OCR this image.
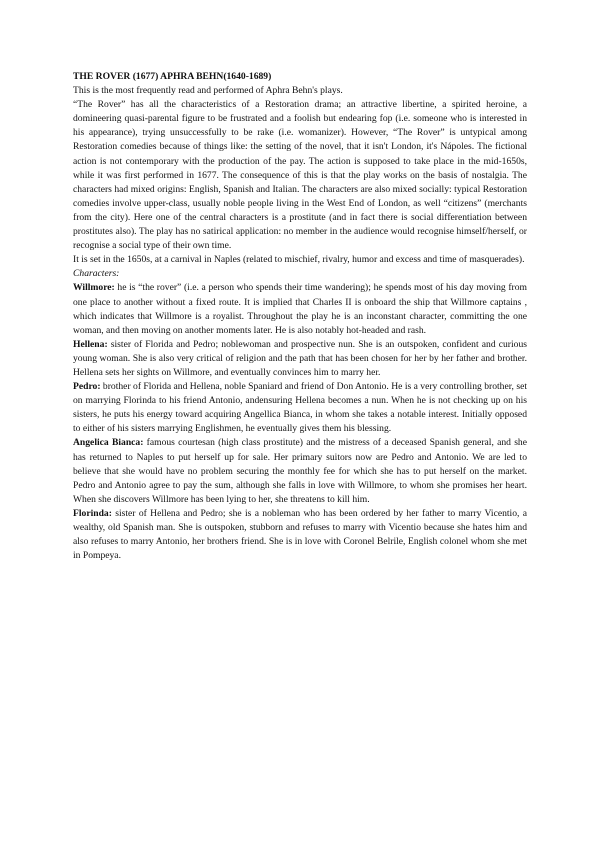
THE ROVER (1677) APHRA BEHN(1640-1689)

This is the most frequently read and performed of Aphra Behn's plays.

“The Rover” has all the characteristics of a Restoration drama; an attractive libertine, a spirited heroine, a domineering quasi-parental figure to be frustrated and a foolish but endearing fop (i.e. someone who is interested in his appearance), trying unsuccessfully to be rake (i.e. womanizer). However, “The Rover” is untypical among Restoration comedies because of things like: the setting of the novel, that it isn't London, it's Nápoles. The fictional action is not contemporary with the production of the pay. The action is supposed to take place in the mid-1650s, while it was first performed in 1677. The consequence of this is that the play works on the basis of nostalgia. The characters had mixed origins: English, Spanish and Italian. The characters are also mixed socially: typical Restoration comedies involve upper-class, usually noble people living in the West End of London, as well “citizens” (merchants from the city). Here one of the central characters is a prostitute (and in fact there is social differentiation between prostitutes also). The play has no satirical application: no member in the audience would recognise himself/herself, or recognise a social type of their own time.

It is set in the 1650s, at a carnival in Naples (related to mischief, rivalry, humor and excess and time of masquerades).

Characters:

Willmore: he is “the rover” (i.e. a person who spends their time wandering); he spends most of his day moving from one place to another without a fixed route. It is implied that Charles II is onboard the ship that Willmore captains , which indicates that Willmore is a royalist. Throughout the play he is an inconstant character, committing the one woman, and then moving on another moments later. He is also notably hot-headed and rash.

Hellena: sister of Florida and Pedro; noblewoman and prospective nun. She is an outspoken, confident and curious young woman. She is also very critical of religion and the path that has been chosen for her by her father and brother. Hellena sets her sights on Willmore, and eventually convinces him to marry her.

Pedro: brother of Florida and Hellena, noble Spaniard and friend of Don Antonio. He is a very controlling brother, set on marrying Florinda to his friend Antonio, andensuring Hellena becomes a nun. When he is not checking up on his sisters, he puts his energy toward acquiring Angellica Bianca, in whom she takes a notable interest. Initially opposed to either of his sisters marrying Englishmen, he eventually gives them his blessing.

Angelica Bianca: famous courtesan (high class prostitute) and the mistress of a deceased Spanish general, and she has returned to Naples to put herself up for sale. Her primary suitors now are Pedro and Antonio. We are led to believe that she would have no problem securing the monthly fee for which she has to put herself on the market. Pedro and Antonio agree to pay the sum, although she falls in love with Willmore, to whom she promises her heart. When she discovers Willmore has been lying to her, she threatens to kill him.

Florinda: sister of Hellena and Pedro; she is a nobleman who has been ordered by her father to marry Vicentio, a wealthy, old Spanish man. She is outspoken, stubborn and refuses to marry with Vicentio because she hates him and also refuses to marry Antonio, her brothers friend. She is in love with Coronel Belrile, English colonel whom she met in Pompeya.
